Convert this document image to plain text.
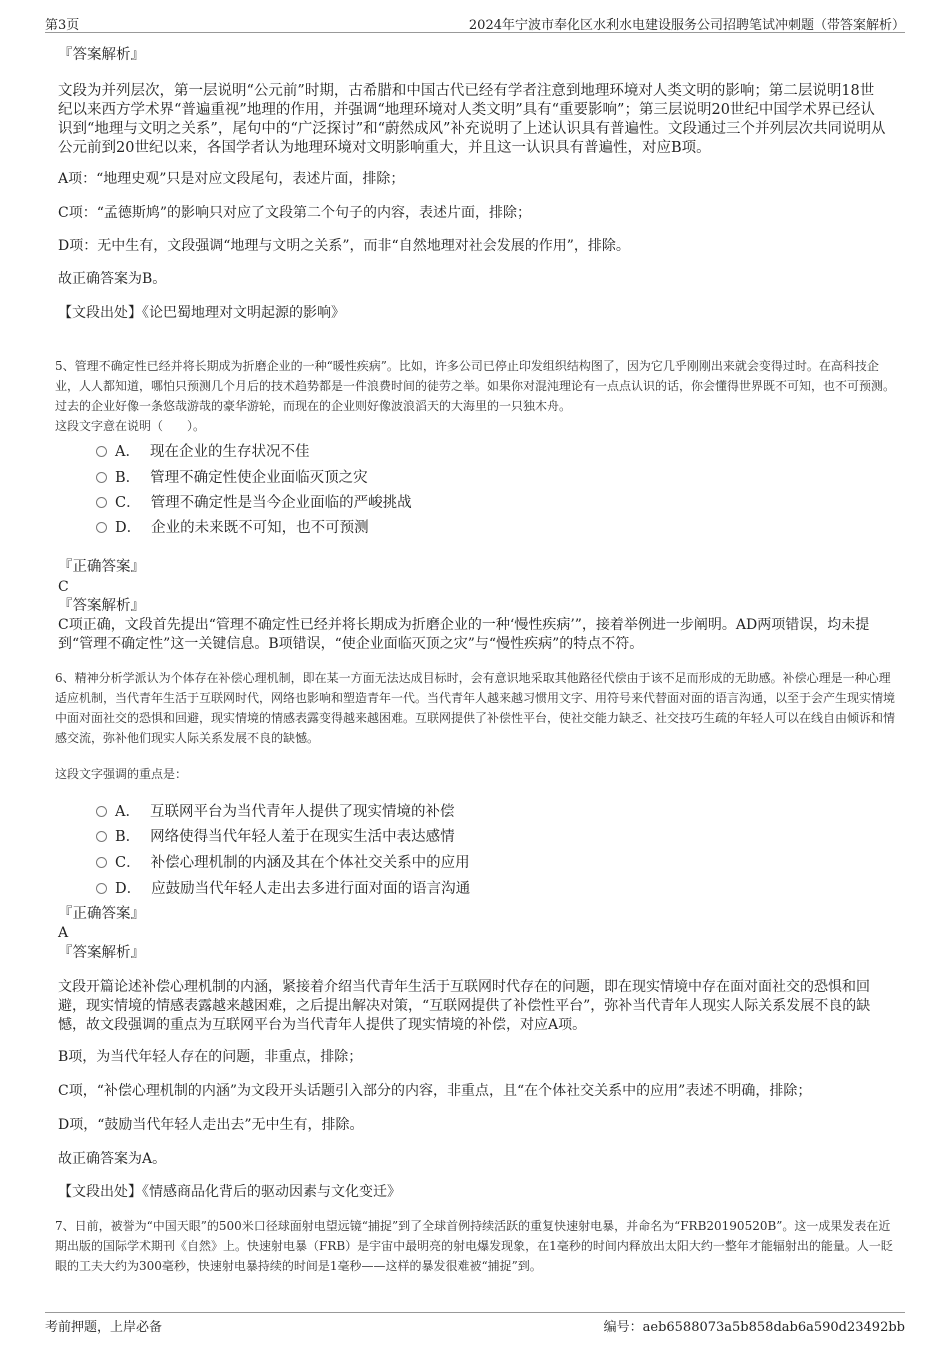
第3页	2024年宁波市奉化区水利水电建设服务公司招聘笔试冲刺题（带答案解析）
『答案解析』
文段为并列层次，第一层说明“公元前”时期，古希腊和中国古代已经有学者注意到地理环境对人类文明的影响；第二层说明18世纪以来西方学术界“普遍重视”地理的作用，并强调“地理环境对人类文明”具有“重要影响”；第三层说明20世纪中国学术界已经认识到“地理与文明之关系”，尾句中的“广泛探讨”和“蔚然成风”补充说明了上述认识具有普遍性。文段通过三个并列层次共同说明从公元前到20世纪以来，各国学者认为地理环境对文明影响重大，并且这一认识具有普遍性，对应B项。
A项：“地理史观”只是对应文段尾句，表述片面，排除；
C项：“孟德斯鸠”的影响只对应了文段第二个句子的内容，表述片面，排除；
D项：无中生有，文段强调“地理与文明之关系”，而非“自然地理对社会发展的作用”，排除。
故正确答案为B。
【文段出处】《论巴蜀地理对文明起源的影响》
5、管理不确定性已经并将长期成为折磨企业的一种“暖性疾病”。比如，许多公司已停止印发组织结构图了，因为它几乎刚刚出来就会变得过时。在高科技企业，人人都知道，哪怕只预测几个月后的技术趋势都是一件浪费时间的徒劳之举。如果你对混沌理论有一点点认识的话，你会懂得世界既不可知，也不可预测。过去的企业好像一条悠哉游哉的豪华游轮，而现在的企业则好像波浪滔天的大海里的一只独木舟。
这段文字意在说明（　　）。
A． 现在企业的生存状况不佳
B． 管理不确定性使企业面临灭顶之灾
C． 管理不确定性是当今企业面临的严峻挑战
D． 企业的未来既不可知，也不可预测
『正确答案』
C
『答案解析』
C项正确，文段首先提出“管理不确定性已经并将长期成为折磨企业的一种‘慢性疾病’”，接着举例进一步阐明。AD两项错误，均未提到“管理不确定性”这一关键信息。B项错误，“使企业面临灭顶之灾”与“慢性疾病”的特点不符。
6、精神分析学派认为个体存在补偿心理机制，即在某一方面无法达成目标时，会有意识地采取其他路径代偿由于该不足而形成的无助感。补偿心理是一种心理适应机制，当代青年生活于互联网时代，网络也影响和塑造青年一代。当代青年人越来越习惯用文字、用符号来代替面对面的语言沟通，以至于会产生现实情境中面对面社交的恐惧和回避，现实情境的情感表露变得越来越困难。互联网提供了补偿性平台，使社交能力缺乏、社交技巧生疏的年轻人可以在线自由倾诉和情感交流，弥补他们现实人际关系发展不良的缺憾。
这段文字强调的重点是：
A． 互联网平台为当代青年人提供了现实情境的补偿
B． 网络使得当代年轻人羞于在现实生活中表达感情
C． 补偿心理机制的内涵及其在个体社交关系中的应用
D． 应鼓励当代年轻人走出去多进行面对面的语言沟通
『正确答案』
A
『答案解析』
文段开篇论述补偿心理机制的内涵，紧接着介绍当代青年生活于互联网时代存在的问题，即在现实情境中存在面对面社交的恐惧和回避，现实情境的情感表露越来越困难，之后提出解决对策，“互联网提供了补偿性平台”，弥补当代青年人现实人际关系发展不良的缺憾，故文段强调的重点为互联网平台为当代青年人提供了现实情境的补偿，对应A项。
B项，为当代年轻人存在的问题，非重点，排除；
C项，“补偿心理机制的内涵”为文段开头话题引入部分的内容，非重点，且“在个体社交关系中的应用”表述不明确，排除；
D项，“鼓励当代年轻人走出去”无中生有，排除。
故正确答案为A。
【文段出处】《情感商品化背后的驱动因素与文化变迁》
7、日前，被誉为“中国天眼”的500米口径球面射电望远镜“捕捉”到了全球首例持续活跃的重复快速射电暴，并命名为“FRB20190520B”。这一成果发表在近期出版的国际学术期刊《自然》上。快速射电暴（FRB）是宇宙中最明亮的射电爆发现象，在1毫秒的时间内释放出太阳大约一整年才能辐射出的能量。人一眨眼的工夫大约为300毫秒，快速射电暴持续的时间是1毫秒——这样的暴发很难被“捕捉”到。
考前押题，上岸必备	编号：aeb6588073a5b858dab6a590d23492bb
